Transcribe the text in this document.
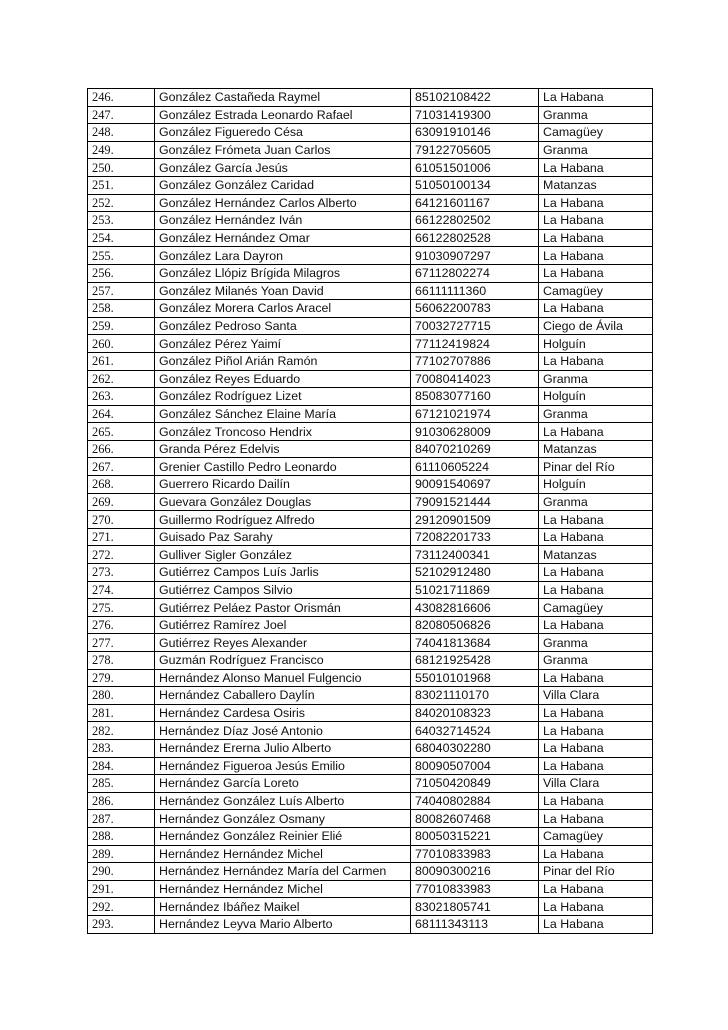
246.	González Castañeda Raymel	85102108422	La Habana
247.	González Estrada Leonardo Rafael	71031419300	Granma
248.	González Figueredo Césa	63091910146	Camagüey
249.	González Frómeta Juan Carlos	79122705605	Granma
250.	González García Jesús	61051501006	La Habana
251.	González González Caridad	51050100134	Matanzas
252.	González Hernández Carlos Alberto	64121601167	La Habana
253.	González Hernández Iván	66122802502	La Habana
254.	González Hernández Omar	66122802528	La Habana
255.	González Lara Dayron	91030907297	La Habana
256.	González Llópiz Brígida Milagros	67112802274	La Habana
257.	González Milanés Yoan David	66111111360	Camagüey
258.	González Morera Carlos Aracel	56062200783	La Habana
259.	González Pedroso Santa	70032727715	Ciego de Ávila
260.	González Pérez Yaimí	77112419824	Holguín
261.	González Piñol Arián Ramón	77102707886	La Habana
262.	González Reyes Eduardo	70080414023	Granma
263.	González Rodríguez Lizet	85083077160	Holguín
264.	González Sánchez Elaine María	67121021974	Granma
265.	González Troncoso Hendrix	91030628009	La Habana
266.	Granda Pérez Edelvis	84070210269	Matanzas
267.	Grenier Castillo Pedro Leonardo	61110605224	Pinar del Río
268.	Guerrero Ricardo Dailín	90091540697	Holguín
269.	Guevara González Douglas	79091521444	Granma
270.	Guillermo Rodríguez Alfredo	29120901509	La Habana
271.	Guisado Paz Sarahy	72082201733	La Habana
272.	Gulliver Sigler González	73112400341	Matanzas
273.	Gutiérrez Campos Luís Jarlis	52102912480	La Habana
274.	Gutiérrez Campos Silvio	51021711869	La Habana
275.	Gutiérrez Peláez Pastor Orismán	43082816606	Camagüey
276.	Gutiérrez Ramírez Joel	82080506826	La Habana
277.	Gutiérrez Reyes Alexander	74041813684	Granma
278.	Guzmán Rodríguez Francisco	68121925428	Granma
279.	Hernández Alonso Manuel Fulgencio	55010101968	La Habana
280.	Hernández Caballero Daylín	83021110170	Villa Clara
281.	Hernández Cardesa Osiris	84020108323	La Habana
282.	Hernández Díaz José Antonio	64032714524	La Habana
283.	Hernández Ererna Julio Alberto	68040302280	La Habana
284.	Hernández Figueroa Jesús Emilio	80090507004	La Habana
285.	Hernández García Loreto	71050420849	Villa Clara
286.	Hernández González Luís Alberto	74040802884	La Habana
287.	Hernández González Osmany	80082607468	La Habana
288.	Hernández González Reinier Elié	80050315221	Camagüey
289.	Hernández Hernández Michel	77010833983	La Habana
290.	Hernández Hernández María del Carmen	80090300216	Pinar del Río
291.	Hernández Hernández Michel	77010833983	La Habana
292.	Hernández Ibáñez Maikel	83021805741	La Habana
293.	Hernández Leyva Mario Alberto	68111343113	La Habana
